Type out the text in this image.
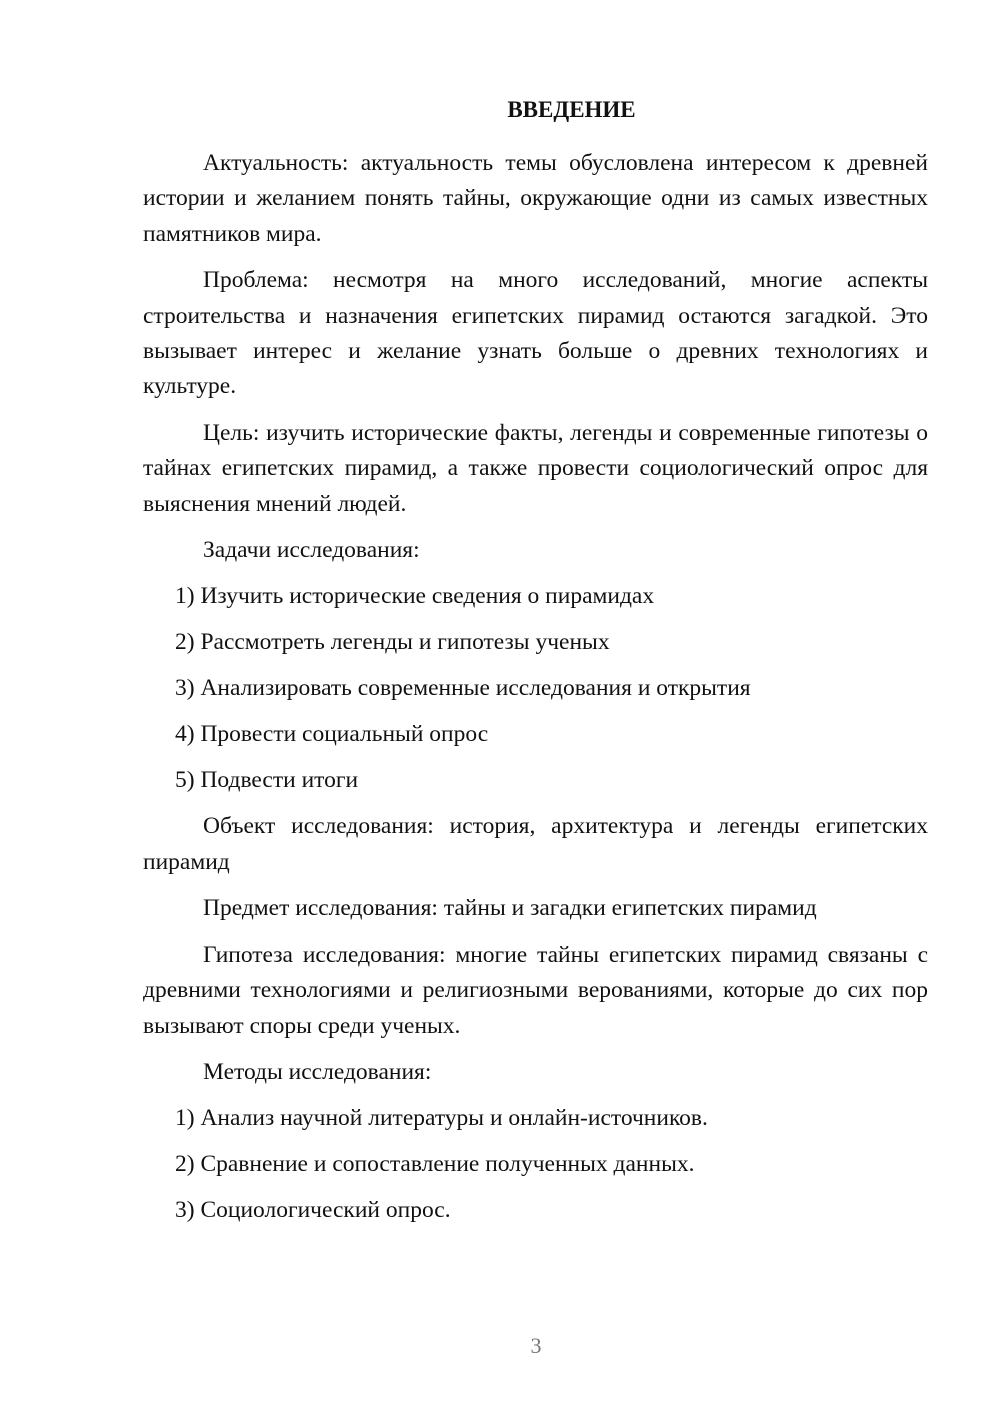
ВВЕДЕНИЕ

Актуальность: актуальность темы обусловлена интересом к древней истории и желанием понять тайны, окружающие одни из самых известных памятников мира.

Проблема: несмотря на много исследований, многие аспекты строительства и назначения египетских пирамид остаются загадкой. Это вызывает интерес и желание узнать больше о древних технологиях и культуре.

Цель: изучить исторические факты, легенды и современные гипотезы о тайнах египетских пирамид, а также провести социологический опрос для выяснения мнений людей.

Задачи исследования:

1) Изучить исторические сведения о пирамидах

2) Рассмотреть легенды и гипотезы ученых

3) Анализировать современные исследования и открытия

4) Провести социальный опрос

5) Подвести итоги

Объект исследования: история, архитектура и легенды египетских пирамид

Предмет исследования: тайны и загадки египетских пирамид

Гипотеза исследования: многие тайны египетских пирамид связаны с древними технологиями и религиозными верованиями, которые до сих пор вызывают споры среди ученых.

Методы исследования:

1) Анализ научной литературы и онлайн-источников.

2) Сравнение и сопоставление полученных данных.

3) Социологический опрос.

3
